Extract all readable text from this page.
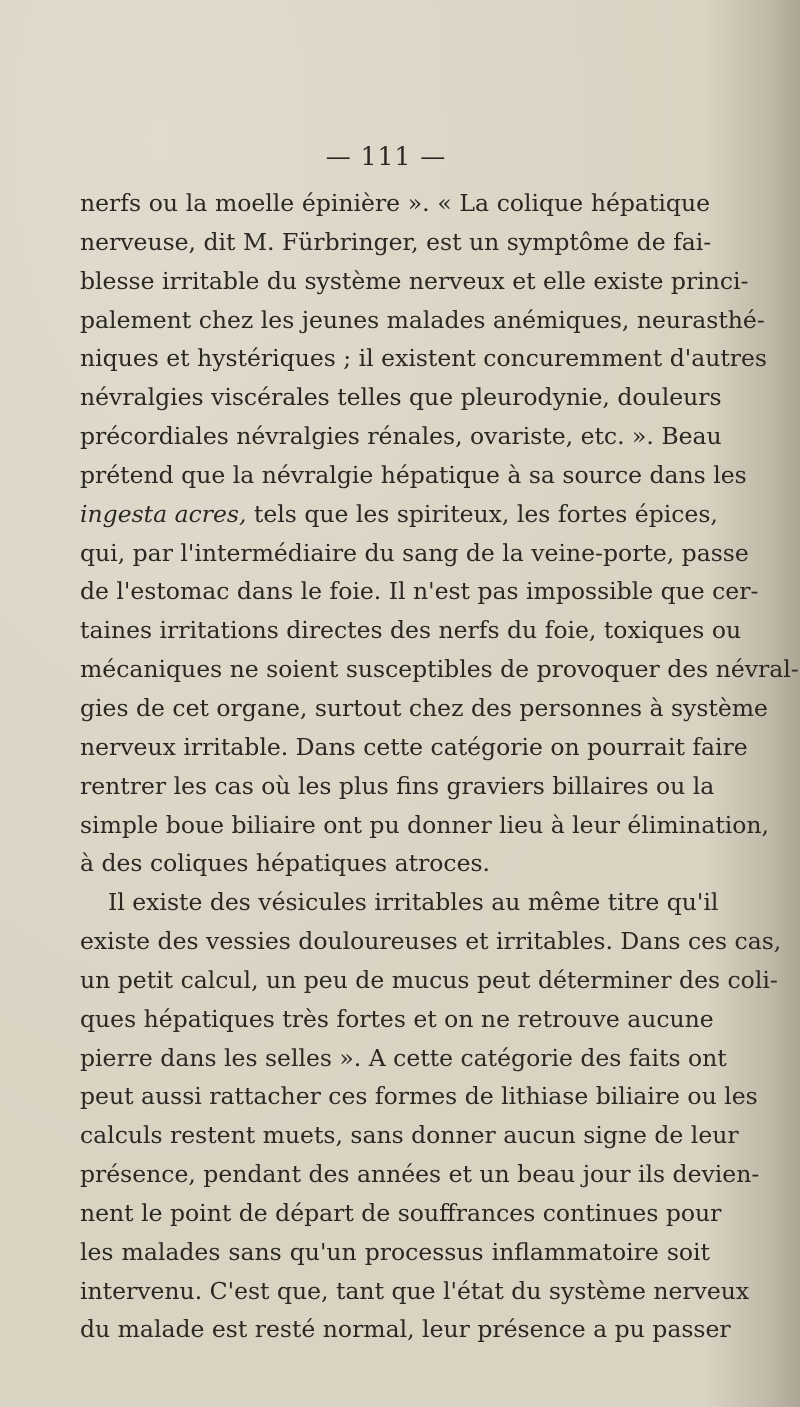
— 111 —
nerfs ou la moelle épinière ». « La colique hépatique
nerveuse, dit M. Fürbringer, est un symptôme de fai-
blesse irritable du système nerveux et elle existe princi-
palement chez les jeunes malades anémiques, neurasthé-
niques et hystériques ; il existent concuremment d'autres
névralgies viscérales telles que pleurodynie, douleurs
précordiales névralgies rénales, ovariste, etc. ». Beau
prétend que la névralgie hépatique à sa source dans les
ingesta acres, tels que les spiriteux, les fortes épices,
qui, par l'intermédiaire du sang de la veine-porte, passe
de l'estomac dans le foie. Il n'est pas impossible que cer-
taines irritations directes des nerfs du foie, toxiques ou
mécaniques ne soient susceptibles de provoquer des névral-
gies de cet organe, surtout chez des personnes à système
nerveux irritable. Dans cette catégorie on pourrait faire
rentrer les cas où les plus fins graviers billaires ou la
simple boue biliaire ont pu donner lieu à leur élimination,
à des coliques hépatiques atroces.
Il existe des vésicules irritables au même titre qu'il
existe des vessies douloureuses et irritables. Dans ces cas,
un petit calcul, un peu de mucus peut déterminer des coli-
ques hépatiques très fortes et on ne retrouve aucune
pierre dans les selles ». A cette catégorie des faits ont
peut aussi rattacher ces formes de lithiase biliaire ou les
calculs restent muets, sans donner aucun signe de leur
présence, pendant des années et un beau jour ils devien-
nent le point de départ de souffrances continues pour
les malades sans qu'un processus inflammatoire soit
intervenu. C'est que, tant que l'état du système nerveux
du malade est resté normal, leur présence a pu passer
